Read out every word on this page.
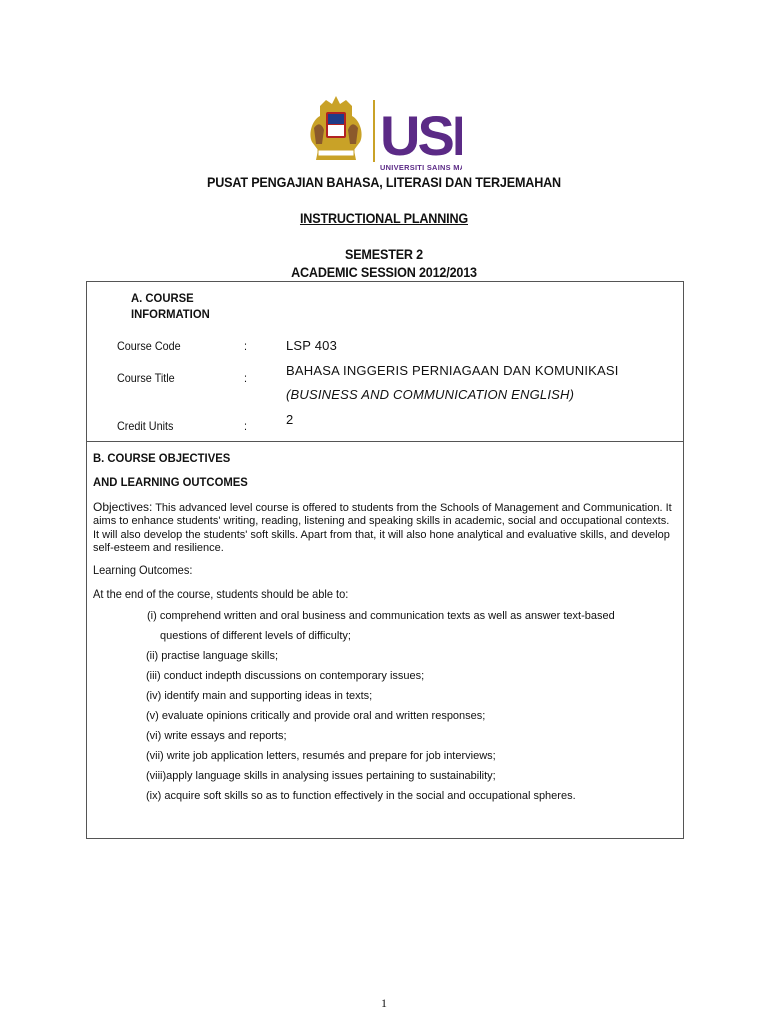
US
UNIVERSITI SAINS M
PUSAT PENGAJIAN BAHASA, LITERASI DAN TERJEMAHAN
INSTRUCTIONAL PLANNING
SEMESTER 2
ACADEMIC SESSION 2012/2013
A. COURSE
INFORMATION
Course Code	:	LSP 403
Course Title	:	BAHASA INGGERIS PERNIAGAAN DAN KOMUNIKASI
(BUSINESS AND COMMUNICATION ENGLISH)
Credit Units	:	2
B. COURSE OBJECTIVES
AND LEARNING OUTCOMES
Objectives: This advanced level course is offered to students from the Schools of Management and Communication. It aims to enhance students' writing, reading, listening and speaking skills in academic, social and occupational contexts. It will also develop the students' soft skills. Apart from that, it will also hone analytical and evaluative skills, and develop self-esteem and resilience.
Learning Outcomes:
At the end of the course, students should be able to:
(i) comprehend written and oral business and communication texts as well as answer text-based
questions of different levels of difficulty;
(ii) practise language skills;
(iii) conduct indepth discussions on contemporary issues;
(iv) identify main and supporting ideas in texts;
(v) evaluate opinions critically and provide oral and written responses;
(vi) write essays and reports;
(vii) write job application letters, resumés and prepare for job interviews;
(viii)apply language skills in analysing issues pertaining to sustainability;
(ix) acquire soft skills so as to function effectively in the social and occupational spheres.
1
